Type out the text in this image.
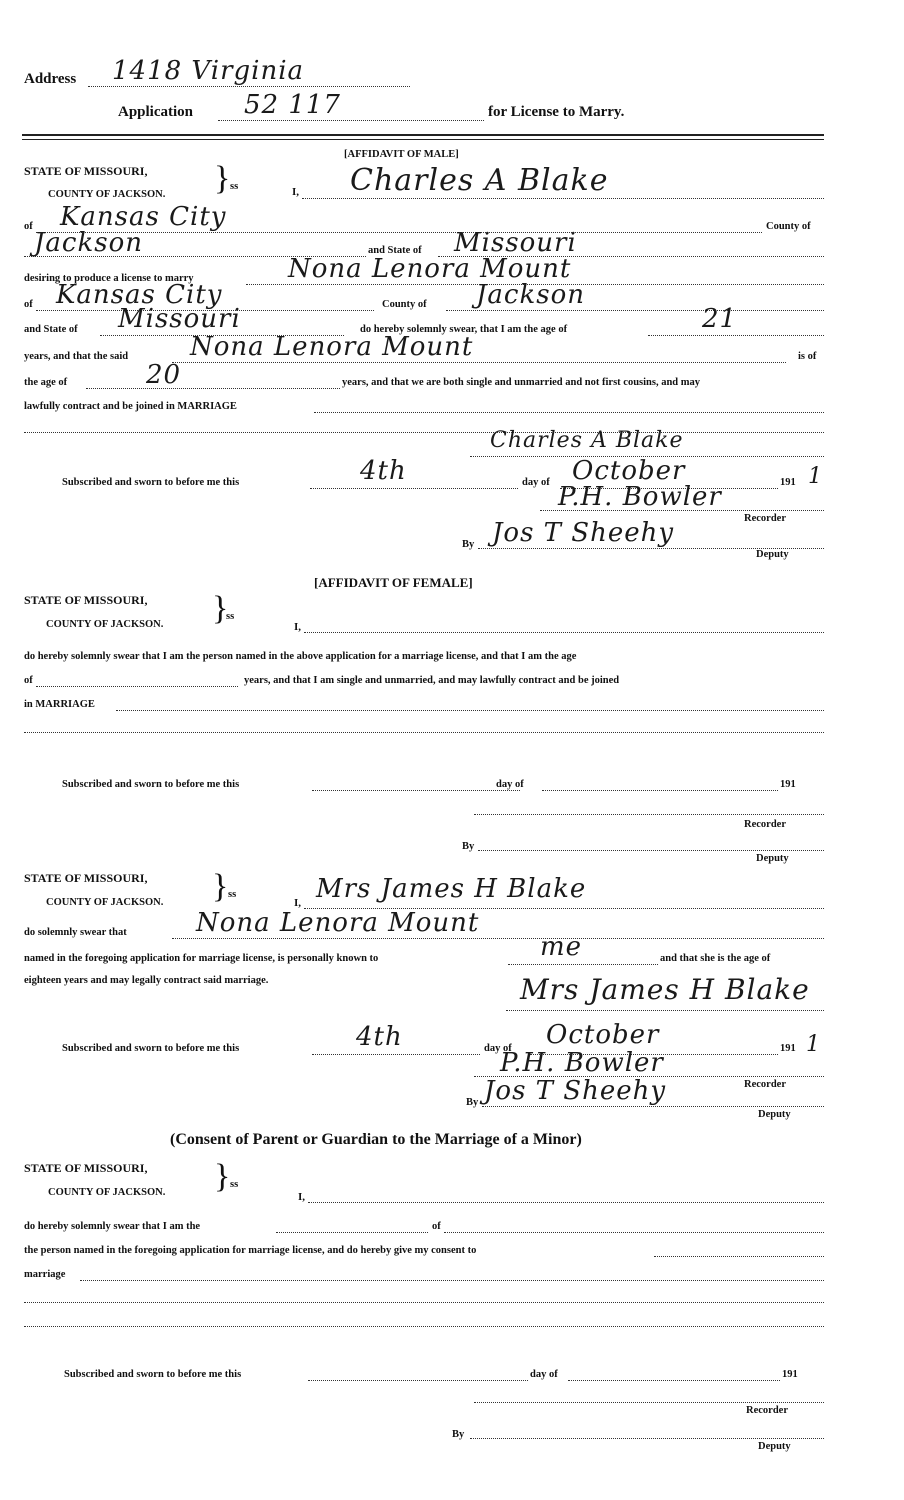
Address 1418 Virginia
Application 52 117	for License to Marry.
[AFFIDAVIT OF MALE]
STATE OF MISSOURI,
COUNTY OF JACKSON. } ss	I, Charles A Blake
of Kansas City	County of
Jackson	and State of Missouri
desiring to produce a license to marry	Nona Lenora Mount
of Kansas City	County of Jackson
and State of Missouri	do hereby solemnly swear, that I am the age of	21
years, and that the said Nona Lenora Mount	is of
the age of	20	years, and that we are both single and unmarried and not first cousins, and may
lawfully contract and be joined in MARRIAGE
Charles A Blake
Subscribed and sworn to before me this	4th	day of October	191 1
P.H. Bowler
Recorder
By Jos T Sheehy
Deputy
[AFFIDAVIT OF FEMALE]
STATE OF MISSOURI,
COUNTY OF JACKSON. }
ss
I,
do hereby solemnly swear that I am the person named in the above application for a marriage license, and that I am the age
of	years, and that I am single and unmarried, and may lawfully contract and be joined
in MARRIAGE
Subscribed and sworn to before me this	day of	191
Recorder
By
Deputy
STATE OF MISSOURI,
COUNTY OF JACKSON. } ss
I, Mrs James H Blake
do solemnly swear that	Nona Lenora Mount
named in the foregoing application for marriage license, is personally known to	me	and that she is the age of
eighteen years and may legally contract said marriage.	Mrs James H Blake
Subscribed and sworn to before me this	4th	day of October	191 1
P.H. Bowler
Recorder
By Jos T Sheehy
Deputy
(Consent of Parent or Guardian to the Marriage of a Minor)
STATE OF MISSOURI,
COUNTY OF JACKSON. } ss
I,
do hereby solemnly swear that I am the	of
the person named in the foregoing application for marriage license, and do hereby give my consent to
marriage
Subscribed and sworn to before me this	day of	191
Recorder
By
Deputy
